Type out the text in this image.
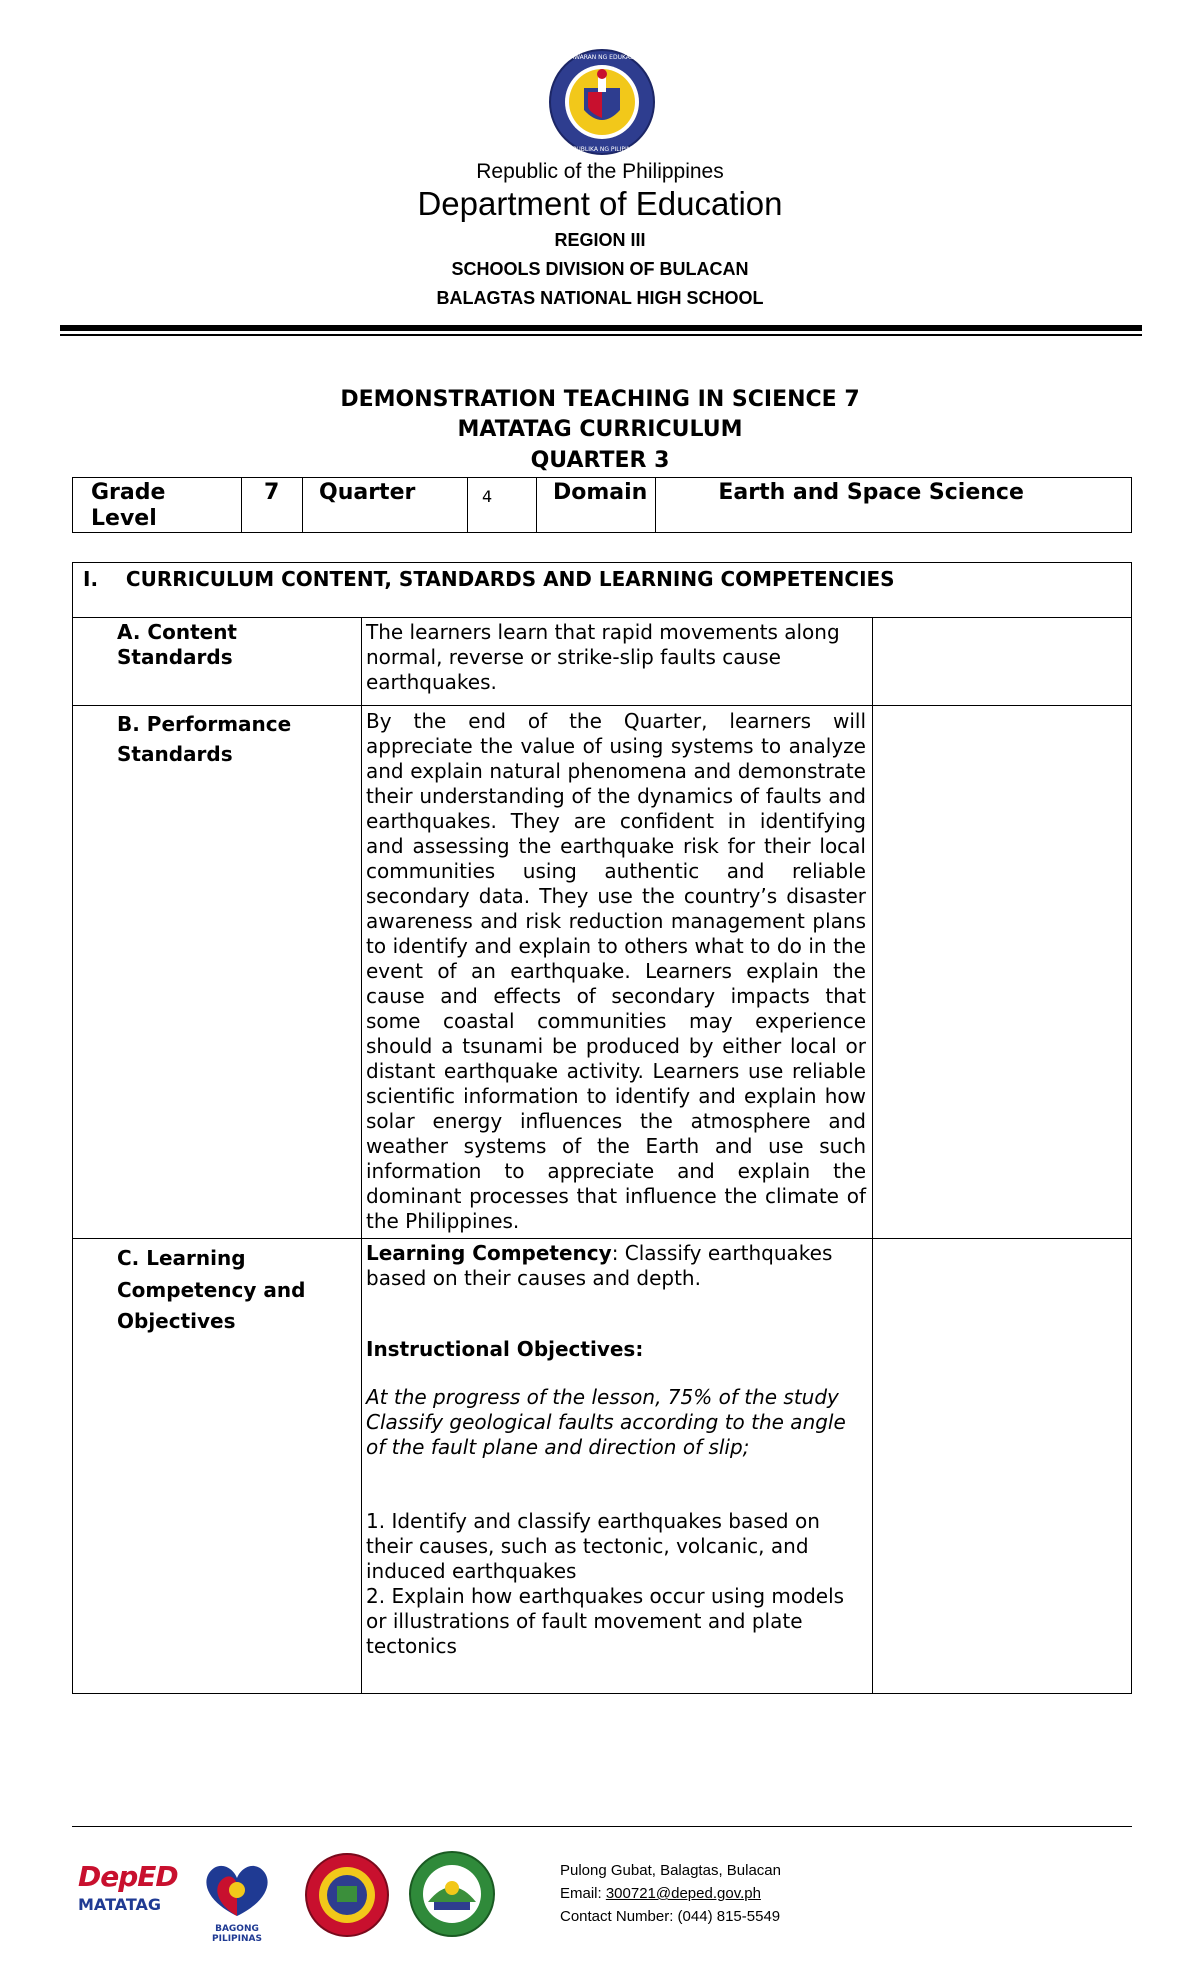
KAGAWARAN NG EDUKASYON
REPUBLIKA NG PILIPINAS
Republic of the Philippines
Department of Education
REGION III
SCHOOLS DIVISION OF BULACAN
BALAGTAS NATIONAL HIGH SCHOOL
DEMONSTRATION TEACHING IN SCIENCE 7
MATATAG CURRICULUM
QUARTER 3
Grade Level	7	Quarter	4	Domain	Earth and Space Science
I. CURRICULUM CONTENT, STANDARDS AND LEARNING COMPETENCIES		
A. Content Standards	The learners learn that rapid movements along normal, reverse or strike-slip faults cause earthquakes.	
B. Performance Standards	By the end of the Quarter, learners will appreciate the value of using systems to analyze and explain natural phenomena and demonstrate their understanding of the dynamics of faults and earthquakes. They are confident in identifying and assessing the earthquake risk for their local communities using authentic and reliable secondary data. They use the country’s disaster awareness and risk reduction management plans to identify and explain to others what to do in the event of an earthquake. Learners explain the cause and effects of secondary impacts that some coastal communities may experience should a tsunami be produced by either local or distant earthquake activity. Learners use reliable scientific information to identify and explain how solar energy influences the atmosphere and weather systems of the Earth and use such information to appreciate and explain the dominant processes that influence the climate of the Philippines.	
C. Learning Competency and Objectives	Learning Competency: Classify earthquakes based on their causes and depth.
Instructional Objectives:
At the progress of the lesson, 75% of the study Classify geological faults according to the angle of the fault plane and direction of slip;
1. Identify and classify earthquakes based on their causes, such as tectonic, volcanic, and induced earthquakes
2. Explain how earthquakes occur using models or illustrations of fault movement and plate tectonics	

DepED
MATATAG
BAGONG PILIPINAS
Pulong Gubat, Balagtas, Bulacan
Email: 300721@deped.gov.ph
Contact Number: (044) 815-5549
